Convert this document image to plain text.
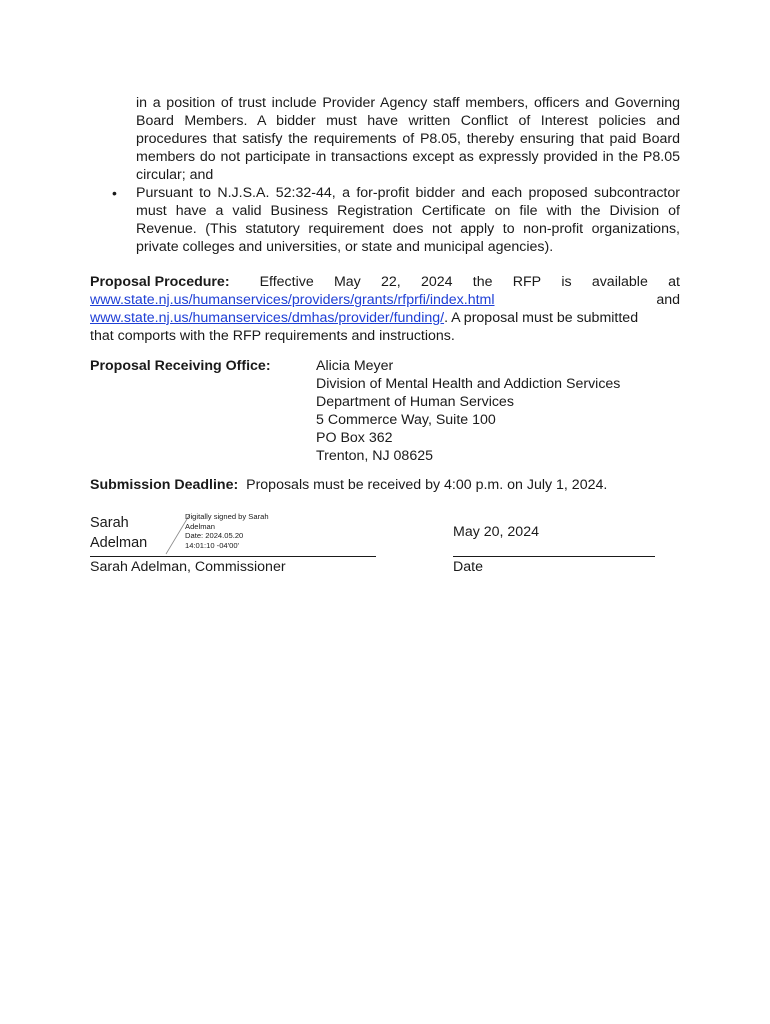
in a position of trust include Provider Agency staff members, officers and Governing Board Members. A bidder must have written Conflict of Interest policies and procedures that satisfy the requirements of P8.05, thereby ensuring that paid Board members do not participate in transactions except as expressly provided in the P8.05 circular; and
• Pursuant to N.J.S.A. 52:32-44, a for-profit bidder and each proposed subcontractor must have a valid Business Registration Certificate on file with the Division of Revenue. (This statutory requirement does not apply to non-profit organizations, private colleges and universities, or state and municipal agencies).
Proposal Procedure: Effective May 22, 2024 the RFP is available at
www.state.nj.us/humanservices/providers/grants/rfprfi/index.html	and
www.state.nj.us/humanservices/dmhas/provider/funding/. A proposal must be submitted
that comports with the RFP requirements and instructions.
Proposal Receiving Office:	Alicia Meyer
Division of Mental Health and Addiction Services
Department of Human Services
5 Commerce Way, Suite 100
PO Box 362
Trenton, NJ 08625
Submission Deadline: Proposals must be received by 4:00 p.m. on July 1, 2024.
Sarah
Adelman
Digitally signed by Sarah
Adelman
Date: 2024.05.20
14:01:10 -04'00'
Sarah Adelman, Commissioner
May 20, 2024
Date
